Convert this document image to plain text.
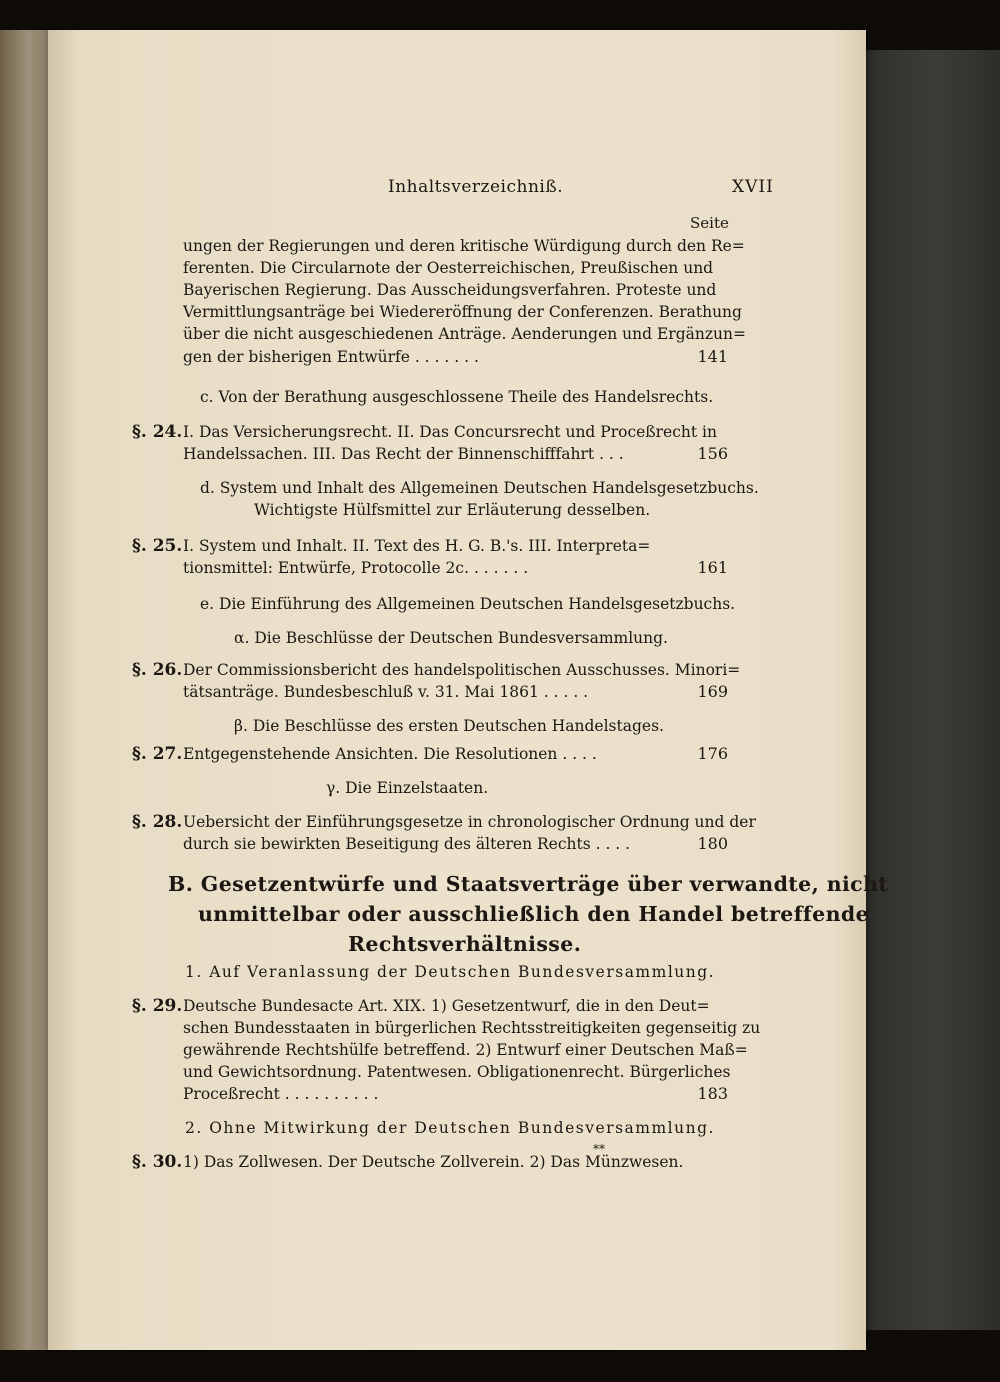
Inhaltsverzeichniß.	XVII
Seite
ungen der Regierungen und deren kritische Würdigung durch den Re=
ferenten. Die Circularnote der Oesterreichischen, Preußischen und
Bayerischen Regierung. Das Ausscheidungsverfahren. Proteste und
Vermittlungsanträge bei Wiedereröffnung der Conferenzen. Berathung
über die nicht ausgeschiedenen Anträge. Aenderungen und Ergänzun=
gen der bisherigen Entwürfe . . . . . . .	141
c. Von der Berathung ausgeschlossene Theile des Handelsrechts.
§. 24. I. Das Versicherungsrecht. II. Das Concursrecht und Proceßrecht in
Handelssachen. III. Das Recht der Binnenschifffahrt . . .	156
d. System und Inhalt des Allgemeinen Deutschen Handelsgesetzbuchs.
Wichtigste Hülfsmittel zur Erläuterung desselben.
§. 25. I. System und Inhalt. II. Text des H. G. B.'s. III. Interpreta=
tionsmittel: Entwürfe, Protocolle 2c. . . . . . .	161
e. Die Einführung des Allgemeinen Deutschen Handelsgesetzbuchs.
α. Die Beschlüsse der Deutschen Bundesversammlung.
§. 26. Der Commissionsbericht des handelspolitischen Ausschusses. Minori=
tätsanträge. Bundesbeschluß v. 31. Mai 1861 . . . . .	169
β. Die Beschlüsse des ersten Deutschen Handelstages.
§. 27. Entgegenstehende Ansichten. Die Resolutionen . . . .	176
γ. Die Einzelstaaten.
§. 28. Uebersicht der Einführungsgesetze in chronologischer Ordnung und der
durch sie bewirkten Beseitigung des älteren Rechts . . . .	180
B. Gesetzentwürfe und Staatsverträge über verwandte, nicht
unmittelbar oder ausschließlich den Handel betreffende
Rechtsverhältnisse.
1. Auf Veranlassung der Deutschen Bundesversammlung.
§. 29. Deutsche Bundesacte Art. XIX. 1) Gesetzentwurf, die in den Deut=
schen Bundesstaaten in bürgerlichen Rechtsstreitigkeiten gegenseitig zu
gewährende Rechtshülfe betreffend. 2) Entwurf einer Deutschen Maß=
und Gewichtsordnung. Patentwesen. Obligationenrecht. Bürgerliches
Proceßrecht . . . . . . . . . .	183
2. Ohne Mitwirkung der Deutschen Bundesversammlung.
§. 30. 1) Das Zollwesen. Der Deutsche Zollverein. 2) Das Münzwesen.
**
